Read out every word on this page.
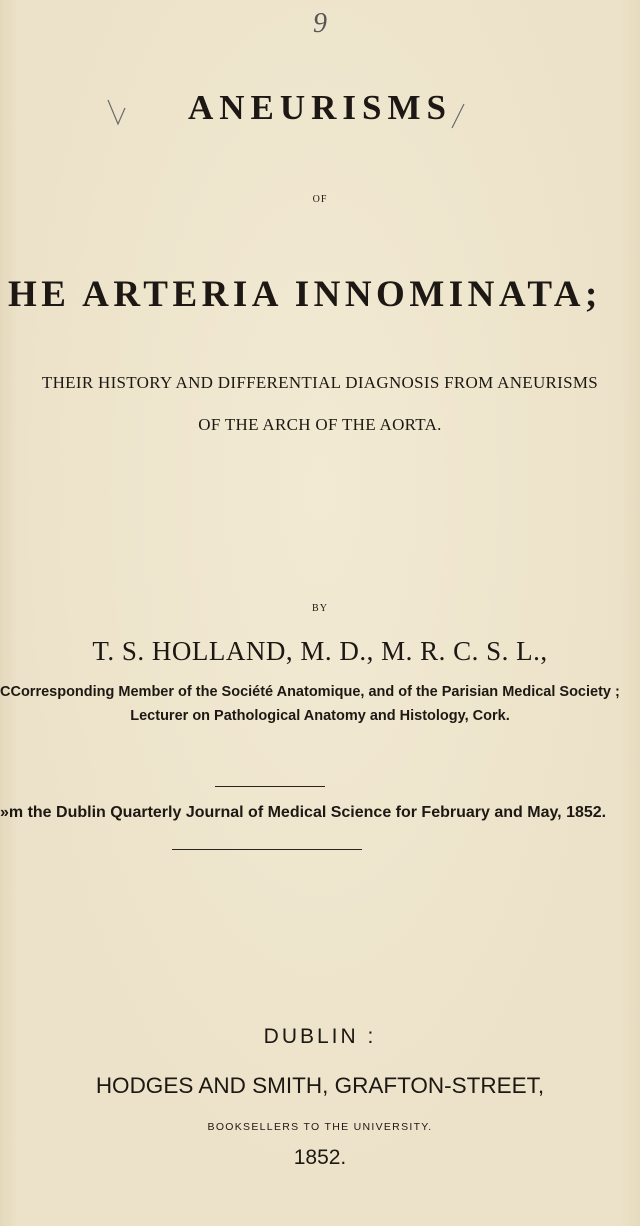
9
ANEURISMS
OF
HE ARTERIA INNOMINATA;
THEIR HISTORY AND DIFFERENTIAL DIAGNOSIS FROM ANEURISMS
OF THE ARCH OF THE AORTA.
BY
T. S. HOLLAND, M. D., M. R. C. S. L.,
CCorresponding Member of the Société Anatomique, and of the Parisian Medical Society ;
Lecturer on Pathological Anatomy and Histology, Cork.
»m the Dublin Quarterly Journal of Medical Science for February and May, 1852.
DUBLIN :
HODGES AND SMITH, GRAFTON-STREET,
BOOKSELLERS TO THE UNIVERSITY.
1852.
